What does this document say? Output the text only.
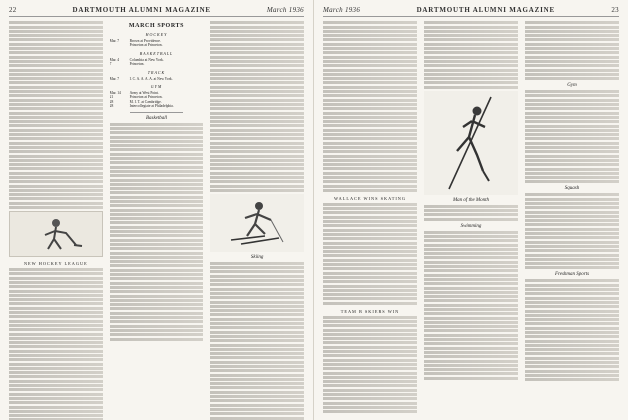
22	DARTMOUTH ALUMNI MAGAZINE	March 1936
NEW HOCKEY LEAGUE
MARCH SPORTS
HOCKEY
Mar. 7	Brown at Providence.
Princeton at Princeton.
BASKETBALL
Mar. 4	Columbia at New York.
7	Princeton.
TRACK
Mar. 7	I. C. A. A. A. A. at New York.
GYM
Mar. 14	Army at West Point.
21	Princeton at Princeton.
28	M. I. T. at Cambridge.
28	Intercollegiate at Philadelphia.
Basketball
Skiing
March 1936	DARTMOUTH ALUMNI MAGAZINE	23
WALLACE WINS SKATING
TEAM B SKIERS WIN
Man of the Month
Swimming
Gym
Squash
Freshman Sports
